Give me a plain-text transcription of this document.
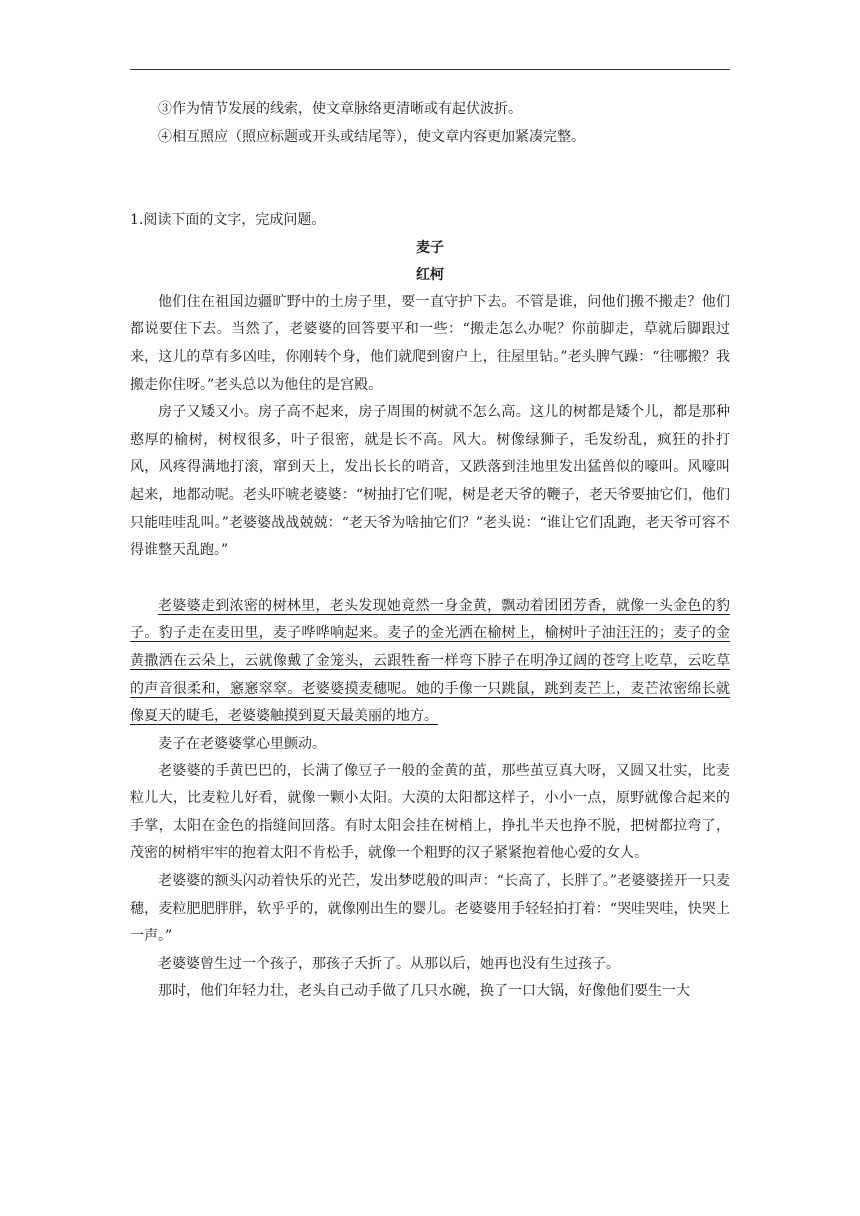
③作为情节发展的线索，使文章脉络更清晰或有起伏波折。

④相互照应（照应标题或开头或结尾等），使文章内容更加紧凑完整。

1.阅读下面的文字，完成问题。

麦子

红柯

他们住在祖国边疆旷野中的土房子里，要一直守护下去。不管是谁，问他们搬不搬走？他们都说要住下去。当然了，老婆婆的回答要平和一些：“搬走怎么办呢？你前脚走，草就后脚跟过来，这儿的草有多凶哇，你刚转个身，他们就爬到窗户上，往屋里钻。”老头脾气躁：“往哪搬？我搬走你住呀。”老头总以为他住的是宫殿。

房子又矮又小。房子高不起来，房子周围的树就不怎么高。这儿的树都是矮个儿，都是那种憨厚的榆树，树杈很多，叶子很密，就是长不高。风大。树像绿狮子，毛发纷乱，疯狂的扑打风，风疼得满地打滚，窜到天上，发出长长的哨音，又跌落到洼地里发出猛兽似的嚎叫。风嚎叫起来，地都动呢。老头吓唬老婆婆：“树抽打它们呢，树是老天爷的鞭子，老天爷要抽它们，他们只能哇哇乱叫。”老婆婆战战兢兢：“老天爷为啥抽它们？”老头说：“谁让它们乱跑，老天爷可容不得谁整天乱跑。”

老婆婆走到浓密的树林里，老头发现她竟然一身金黄，飘动着团团芳香，就像一头金色的豹子。豹子走在麦田里，麦子哗哗响起来。麦子的金光洒在榆树上，榆树叶子油汪汪的；麦子的金黄撒洒在云朵上，云就像戴了金笼头，云跟牲畜一样弯下脖子在明净辽阔的苍穹上吃草，云吃草的声音很柔和，窸窸窣窣。老婆婆摸麦穗呢。她的手像一只跳鼠，跳到麦芒上，麦芒浓密绵长就像夏天的睫毛，老婆婆触摸到夏天最美丽的地方。

麦子在老婆婆掌心里颤动。

老婆婆的手黄巴巴的，长满了像豆子一般的金黄的茧，那些茧豆真大呀，又圆又壮实，比麦粒儿大，比麦粒儿好看，就像一颗小太阳。大漠的太阳都这样子，小小一点，原野就像合起来的手掌，太阳在金色的指缝间回落。有时太阳会挂在树梢上，挣扎半天也挣不脱，把树都拉弯了，茂密的树梢牢牢的抱着太阳不肯松手，就像一个粗野的汉子紧紧抱着他心爱的女人。

老婆婆的额头闪动着快乐的光芒，发出梦呓般的叫声：“长高了，长胖了。”老婆婆搓开一只麦穗，麦粒肥肥胖胖，软乎乎的，就像刚出生的婴儿。老婆婆用手轻轻拍打着：“哭哇哭哇，快哭上一声。”

老婆婆曾生过一个孩子，那孩子夭折了。从那以后，她再也没有生过孩子。

那时，他们年轻力壮，老头自己动手做了几只水碗，换了一口大锅，好像他们要生一大
